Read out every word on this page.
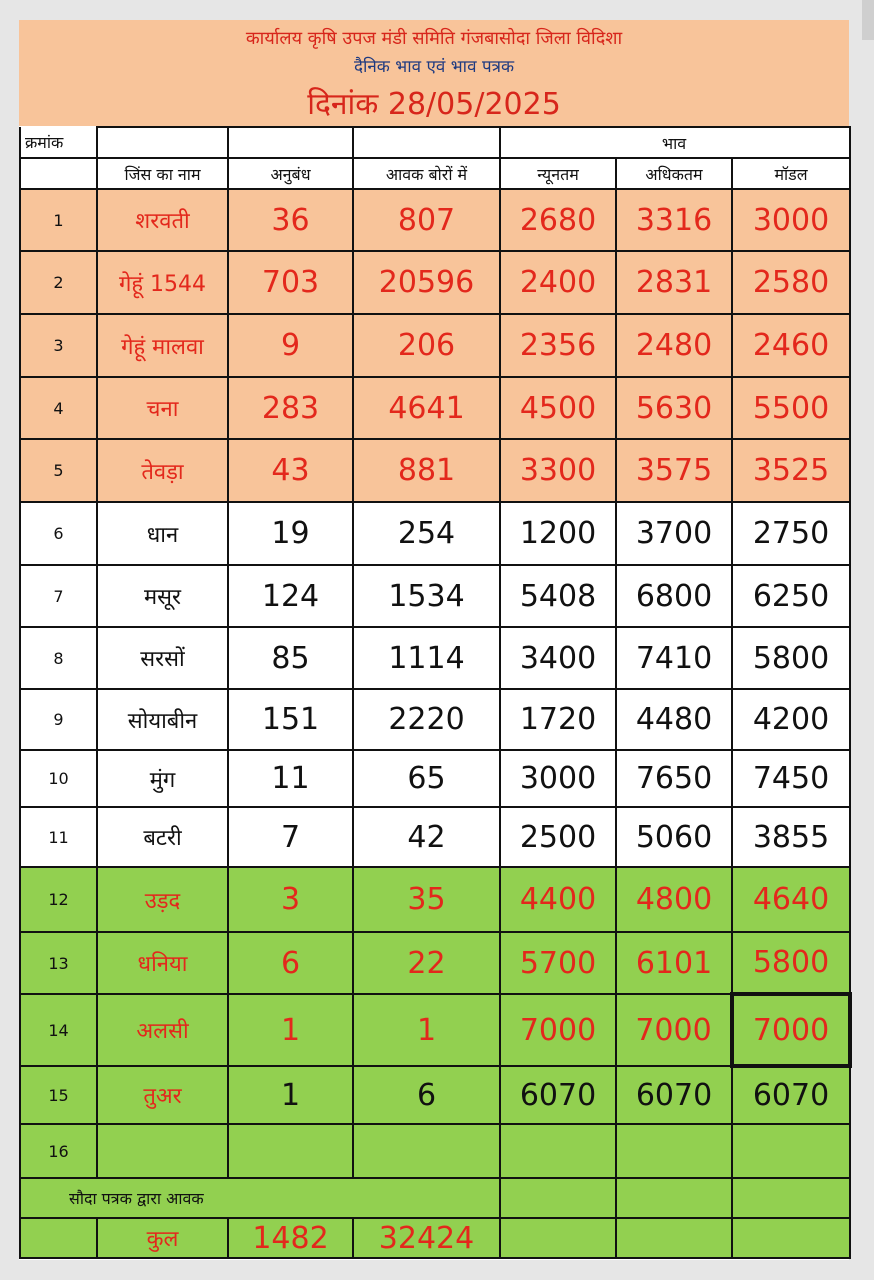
कार्यालय कृषि उपज मंडी समिति गंजबासोदा जिला विदिशा
दैनिक भाव एवं भाव पत्रक
दिनांक 28/05/2025
क्रमांक					भाव	
	जिंस का नाम	अनुबंध	आवक बोरों में	न्यूनतम	अधिकतम	मॉडल
1	शरवती	36	807	2680	3316	3000
2	गेहूं 1544	703	20596	2400	2831	2580
3	गेहूं मालवा	9	206	2356	2480	2460
4	चना	283	4641	4500	5630	5500
5	तेवड़ा	43	881	3300	3575	3525
6	धान	19	254	1200	3700	2750
7	मसूर	124	1534	5408	6800	6250
8	सरसों	85	1114	3400	7410	5800
9	सोयाबीन	151	2220	1720	4480	4200
10	मुंग	11	65	3000	7650	7450
11	बटरी	7	42	2500	5060	3855
12	उड़द	3	35	4400	4800	4640
13	धनिया	6	22	5700	6101	5800
14	अलसी	1	1	7000	7000	7000
15	तुअर	1	6	6070	6070	6070
16						
सौदा पत्रक द्वारा आवक						
	कुल	1482	32424			
